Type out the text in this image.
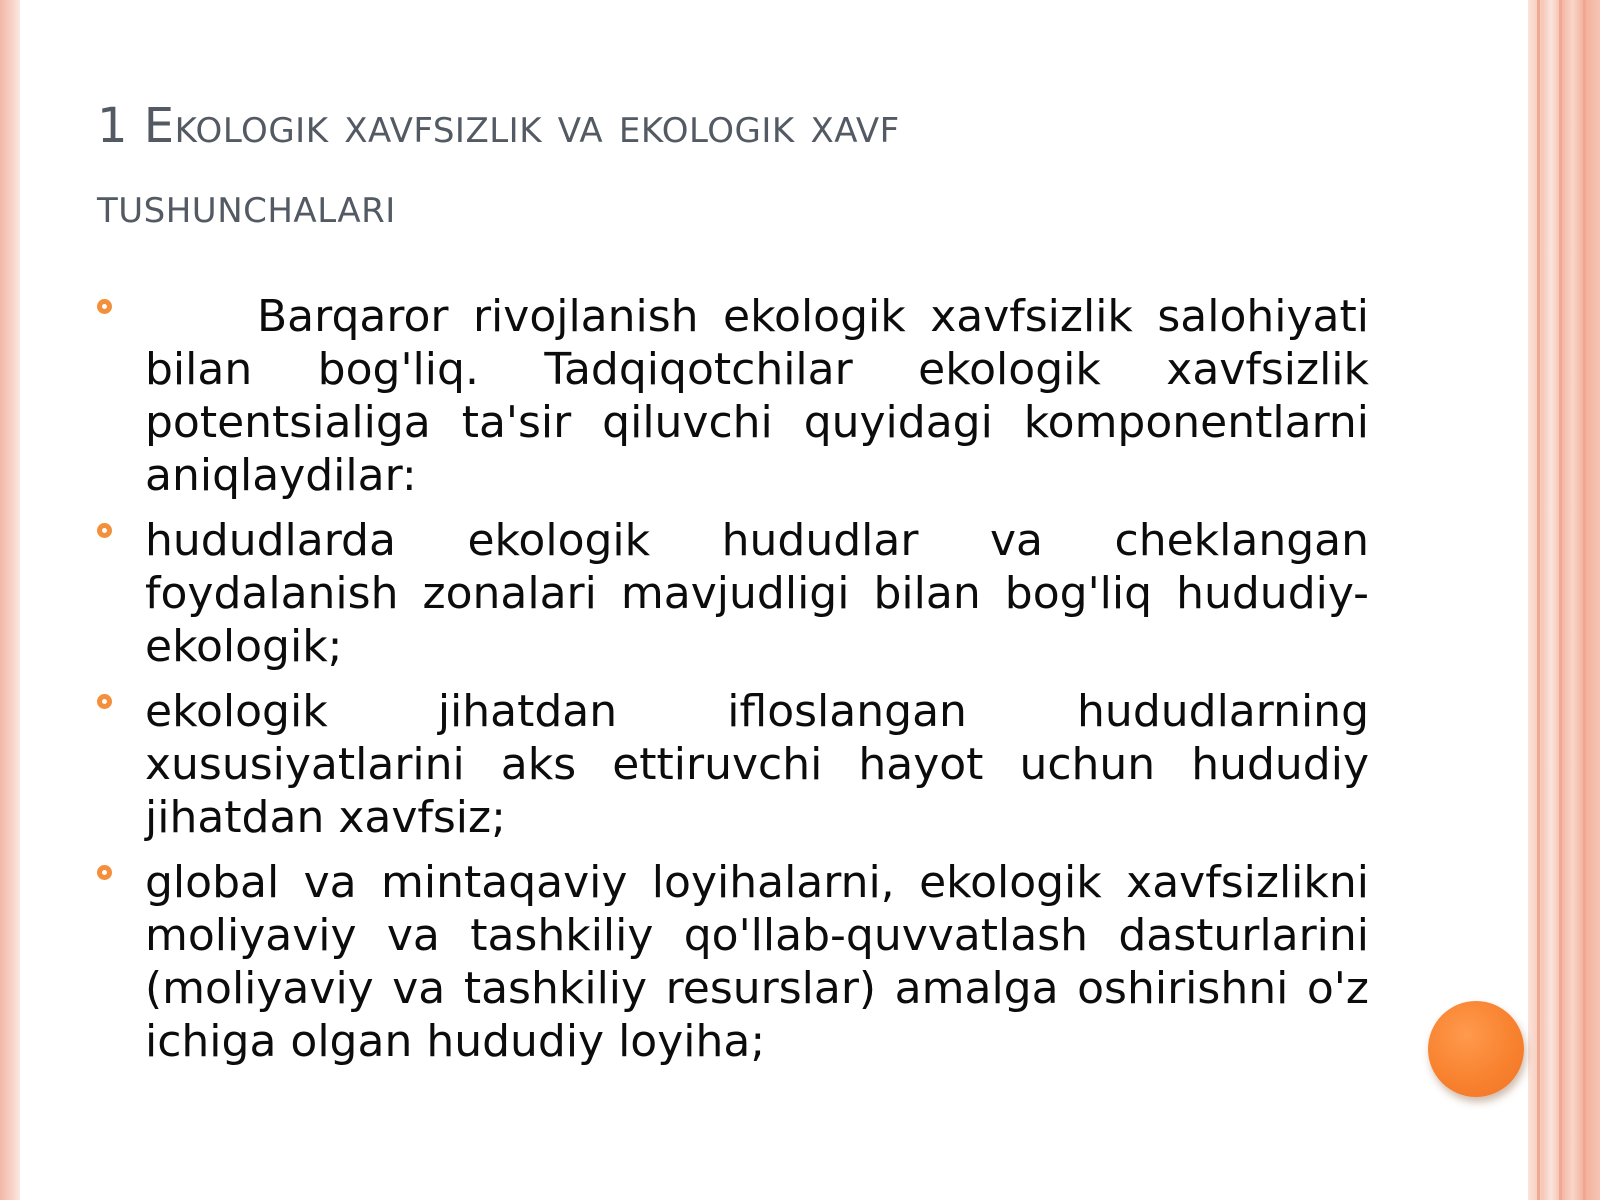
1 Ekologik xavfsizlik va ekologik xavf
tushunchalari
Barqaror rivojlanish ekologik xavfsizlik salohiyati bilan bog'liq. Tadqiqotchilar ekologik xavfsizlik potentsialiga ta'sir qiluvchi quyidagi komponentlarni aniqlaydilar:
hududlarda ekologik hududlar va cheklangan foydalanish zonalari mavjudligi bilan bog'liq hududiy-ekologik;
ekologik jihatdan ifloslangan hududlarning xususiyatlarini aks ettiruvchi hayot uchun hududiy jihatdan xavfsiz;
global va mintaqaviy loyihalarni, ekologik xavfsizlikni moliyaviy va tashkiliy qo'llab-quvvatlash dasturlarini (moliyaviy va tashkiliy resurslar) amalga oshirishni o'z ichiga olgan hududiy loyiha;
